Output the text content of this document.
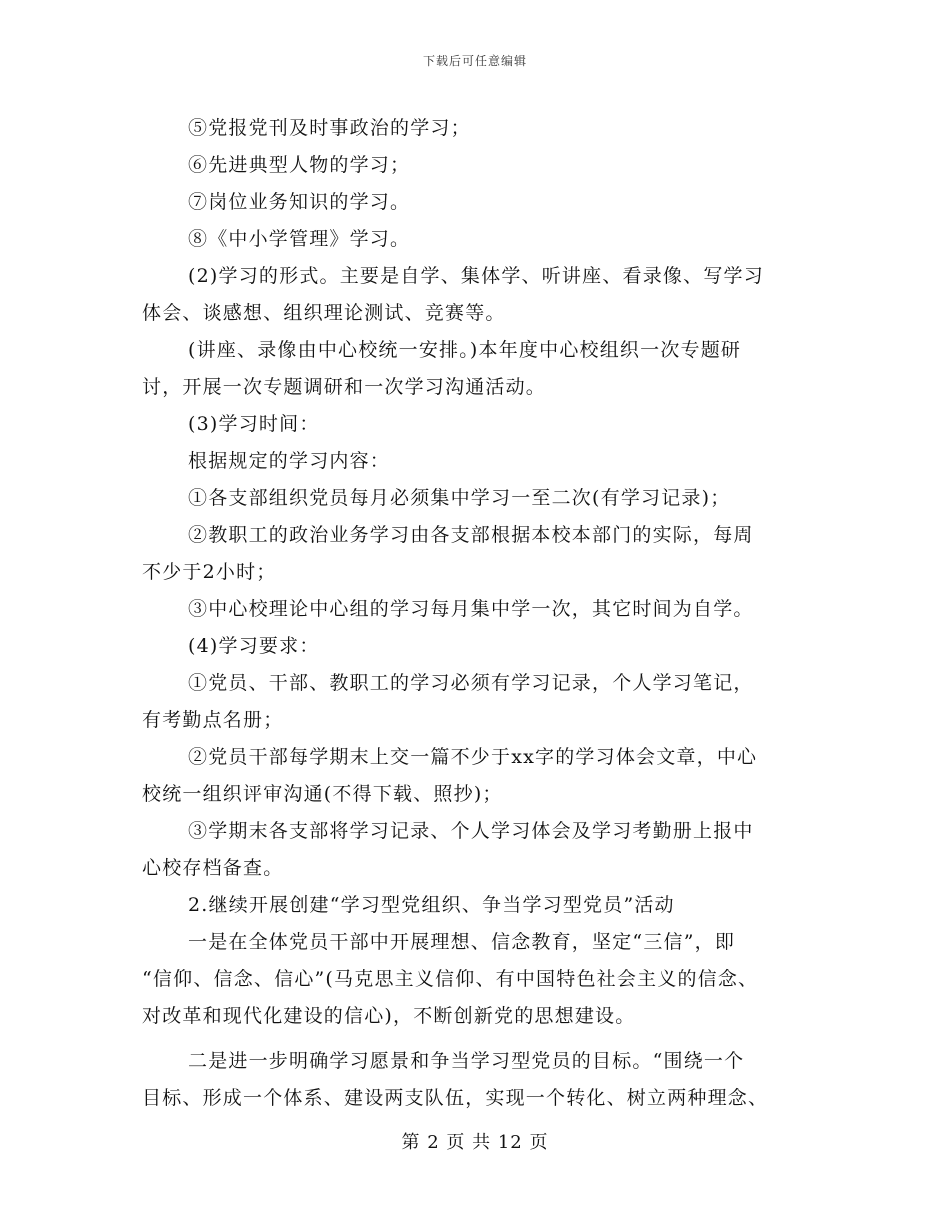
下载后可任意编辑
⑤党报党刊及时事政治的学习；
⑥先进典型人物的学习；
⑦岗位业务知识的学习。
⑧《中小学管理》学习。
(2)学习的形式。主要是自学、集体学、听讲座、看录像、写学习
体会、谈感想、组织理论测试、竞赛等。
(讲座、录像由中心校统一安排。)本年度中心校组织一次专题研
讨，开展一次专题调研和一次学习沟通活动。
(3)学习时间：
根据规定的学习内容：
①各支部组织党员每月必须集中学习一至二次(有学习记录)；
②教职工的政治业务学习由各支部根据本校本部门的实际，每周
不少于2小时；
③中心校理论中心组的学习每月集中学一次，其它时间为自学。
(4)学习要求：
①党员、干部、教职工的学习必须有学习记录，个人学习笔记，
有考勤点名册；
②党员干部每学期末上交一篇不少于xx字的学习体会文章，中心
校统一组织评审沟通(不得下载、照抄)；
③学期末各支部将学习记录、个人学习体会及学习考勤册上报中
心校存档备查。
2.继续开展创建“学习型党组织、争当学习型党员”活动
一是在全体党员干部中开展理想、信念教育，坚定“三信”，即
“信仰、信念、信心”(马克思主义信仰、有中国特色社会主义的信念、
对改革和现代化建设的信心)，不断创新党的思想建设。
二是进一步明确学习愿景和争当学习型党员的目标。“围绕一个
目标、形成一个体系、建设两支队伍，实现一个转化、树立两种理念、
第 2 页 共 12 页
